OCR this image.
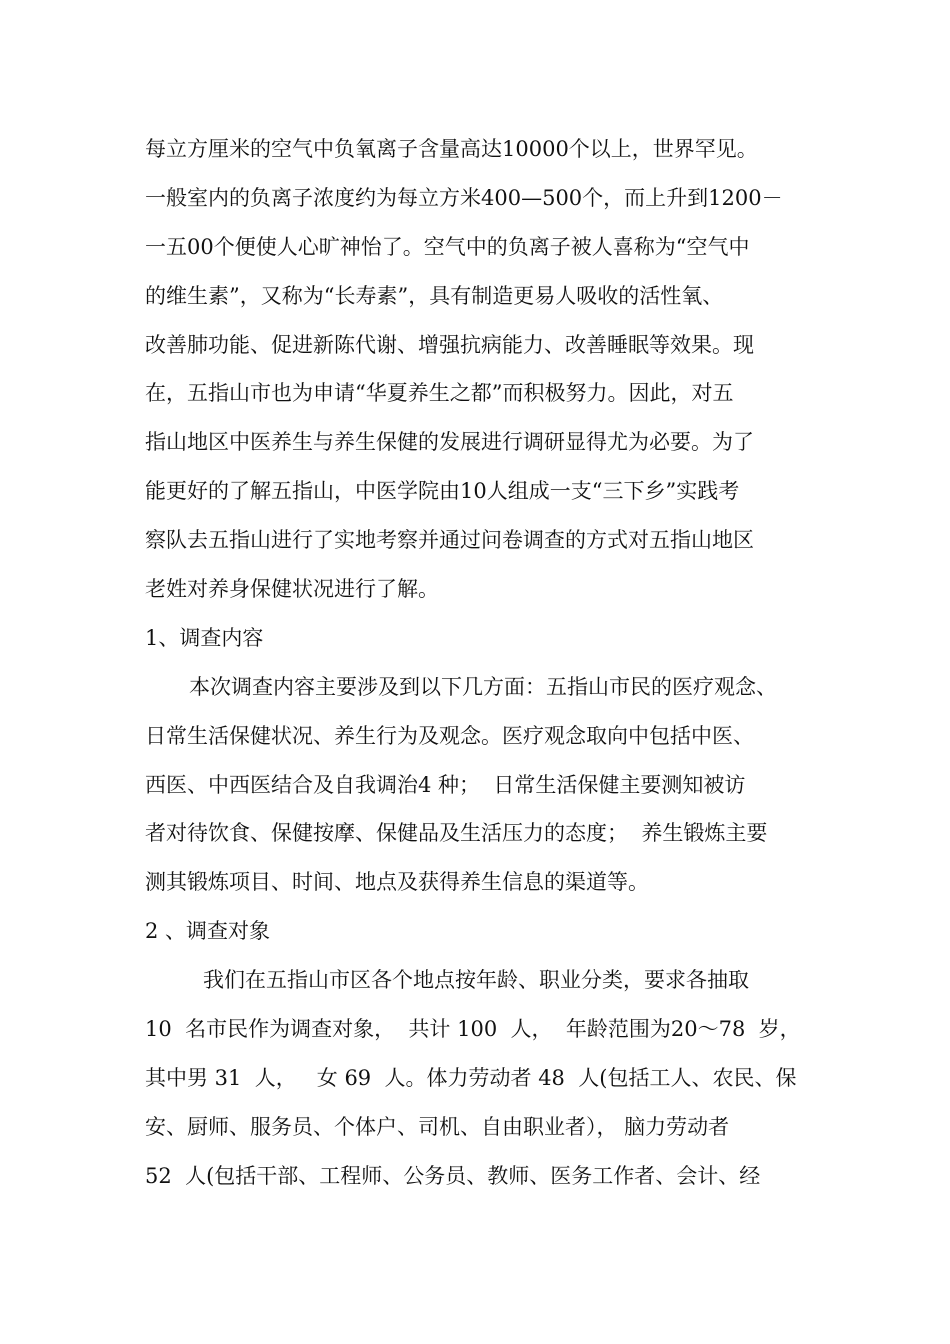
每立方厘米的空气中负氧离子含量高达10000个以上，世界罕见。
一般室内的负离子浓度约为每立方米400—500个，而上升到1200－
一五00个便使人心旷神怡了。空气中的负离子被人喜称为“空气中
的维生素”，又称为“长寿素”，具有制造更易人吸收的活性氧、
改善肺功能、促进新陈代谢、增强抗病能力、改善睡眠等效果。现
在，五指山市也为申请“华夏养生之都”而积极努力。因此，对五
指山地区中医养生与养生保健的发展进行调研显得尤为必要。为了
能更好的了解五指山，中医学院由10人组成一支“三下乡”实践考
察队去五指山进行了实地考察并通过问卷调查的方式对五指山地区
老姓对养身保健状况进行了解。
1、调查内容
本次调查内容主要涉及到以下几方面：五指山市民的医疗观念、
日常生活保健状况、养生行为及观念。医疗观念取向中包括中医、
西医、中西医结合及自我调治4 种；  日常生活保健主要测知被访
者对待饮食、保健按摩、保健品及生活压力的态度；  养生锻炼主要
测其锻炼项目、时间、地点及获得养生信息的渠道等。
2 、调查对象
我们在五指山市区各个地点按年龄、职业分类，要求各抽取
10  名市民作为调查对象，  共计 100  人，  年龄范围为20～78  岁，
其中男 31  人，   女 69  人。体力劳动者 48  人(包括工人、农民、保
安、厨师、服务员、个体户、司机、自由职业者）， 脑力劳动者
52  人(包括干部、工程师、公务员、教师、医务工作者、会计、经
